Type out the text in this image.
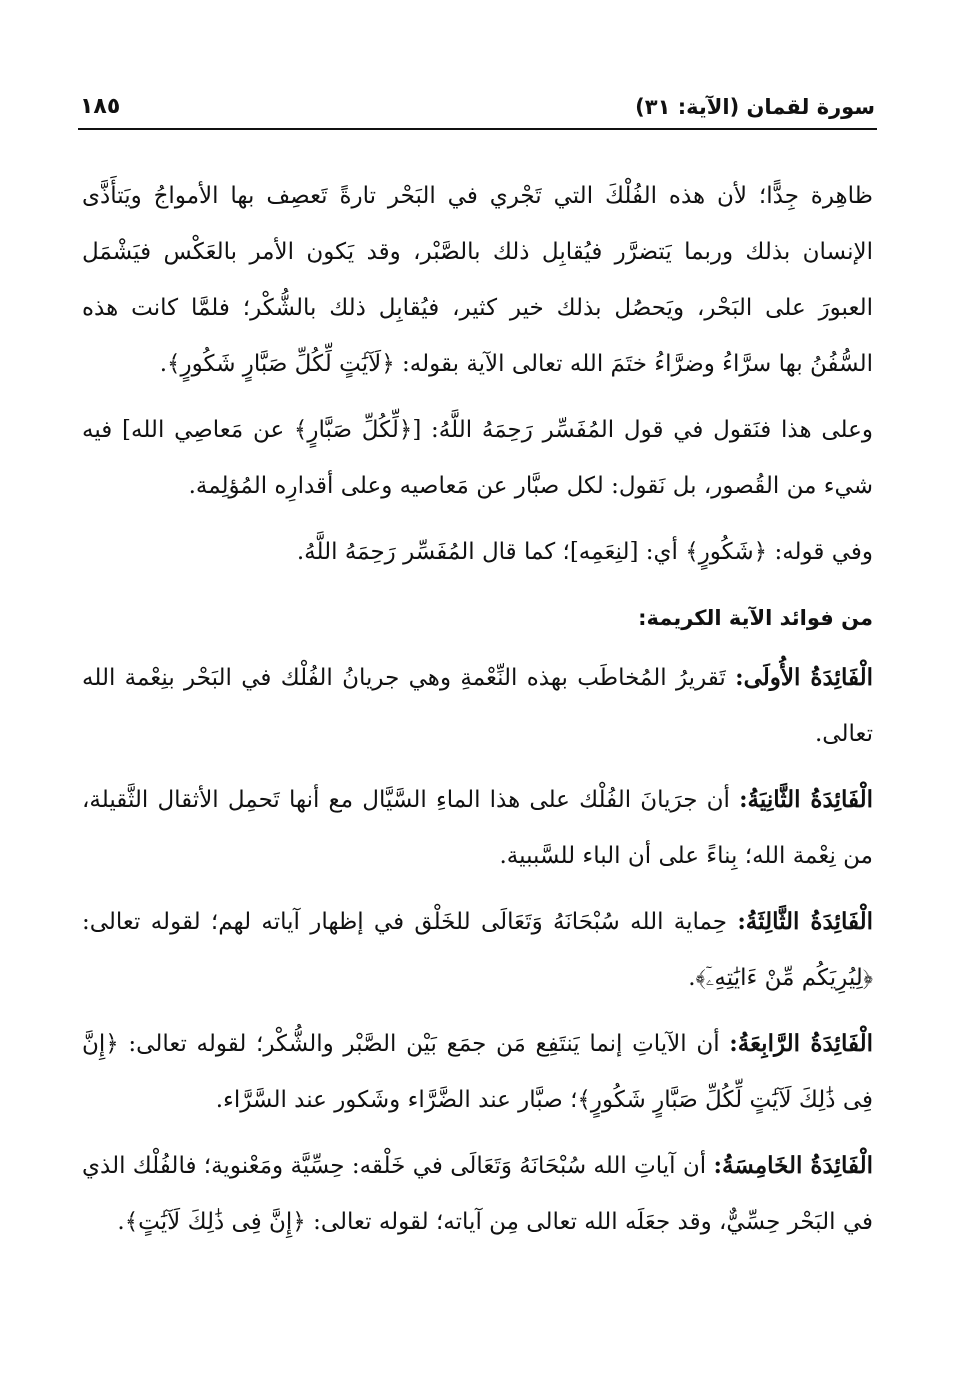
سورة لقمان (الآية: ٣١)
١٨٥

ظاهِرة جِدًّا؛ لأن هذه الفُلْكَ التي تَجْري في البَحْر تارةً تَعصِف بها الأمواجُ ويَتأَذَّى الإنسان بذلك وربما يَتضرَّر فيُقابِل ذلك بالصَّبْر، وقد يَكون الأمر بالعَكْس فيَشْمَل العبورَ على البَحْر، ويَحصُل بذلك خير كثير، فيُقابِل ذلك بالشُّكْر؛ فلمَّا كانت هذه السُّفُنُ بها سرَّاءُ وضرَّاءُ ختَمَ الله تعالى الآية بقوله: ﴿لَآيَٰتٍ لِّكُلِّ صَبَّارٍ شَكُورٍ﴾.

وعلى هذا فنَقول في قول المُفَسِّر رَحِمَهُ اللَّهُ: [﴿لِّكُلِّ صَبَّارٍ﴾ عن مَعاصِي الله] فيه شيء من القُصور، بل نَقول: لكل صبَّار عن مَعاصيه وعلى أقدارِه المُؤلِمة.

وفي قوله: ﴿شَكُورٍ﴾ أي: [لنِعَمِه]؛ كما قال المُفَسِّر رَحِمَهُ اللَّهُ.

من فوائد الآية الكريمة:

الْفَائِدَةُ الأُولَى: تَقريرُ المُخاطَب بهذه النِّعْمةِ وهي جريانُ الفُلْك في البَحْر بنِعْمة الله تعالى.

الْفَائِدَةُ الثَّانِيَةُ: أن جرَيانَ الفُلْك على هذا الماءِ السَّيَّال مع أنها تَحمِل الأثقال الثَّقيلة، من نِعْمة الله؛ بِناءً على أن الباء للسَّببية.

الْفَائِدَةُ الثَّالِثَةُ: حِماية الله سُبْحَانَهُ وَتَعَالَى للخَلْق في إظهار آياته لهم؛ لقوله تعالى: ﴿لِيُرِيَكُم مِّنْ ءَايَٰتِهِۦٓ﴾.

الْفَائِدَةُ الرَّابِعَةُ: أن الآياتِ إنما يَنتَفِع مَن جمَع بَيْن الصَّبْر والشُّكْر؛ لقوله تعالى: ﴿إِنَّ فِى ذَٰلِكَ لَآيَٰتٍ لِّكُلِّ صَبَّارٍ شَكُورٍ﴾؛ صبَّار عند الضَّرَّاء وشَكور عند السَّرَّاء.

الْفَائِدَةُ الخَامِسَةُ: أن آياتِ الله سُبْحَانَهُ وَتَعَالَى في خَلْقه: حِسِّيَّة ومَعْنوية؛ فالفُلْك الذي في البَحْر حِسِّيٌّ، وقد جعَلَه الله تعالى مِن آياته؛ لقوله تعالى: ﴿إِنَّ فِى ذَٰلِكَ لَآيَٰتٍ﴾.
